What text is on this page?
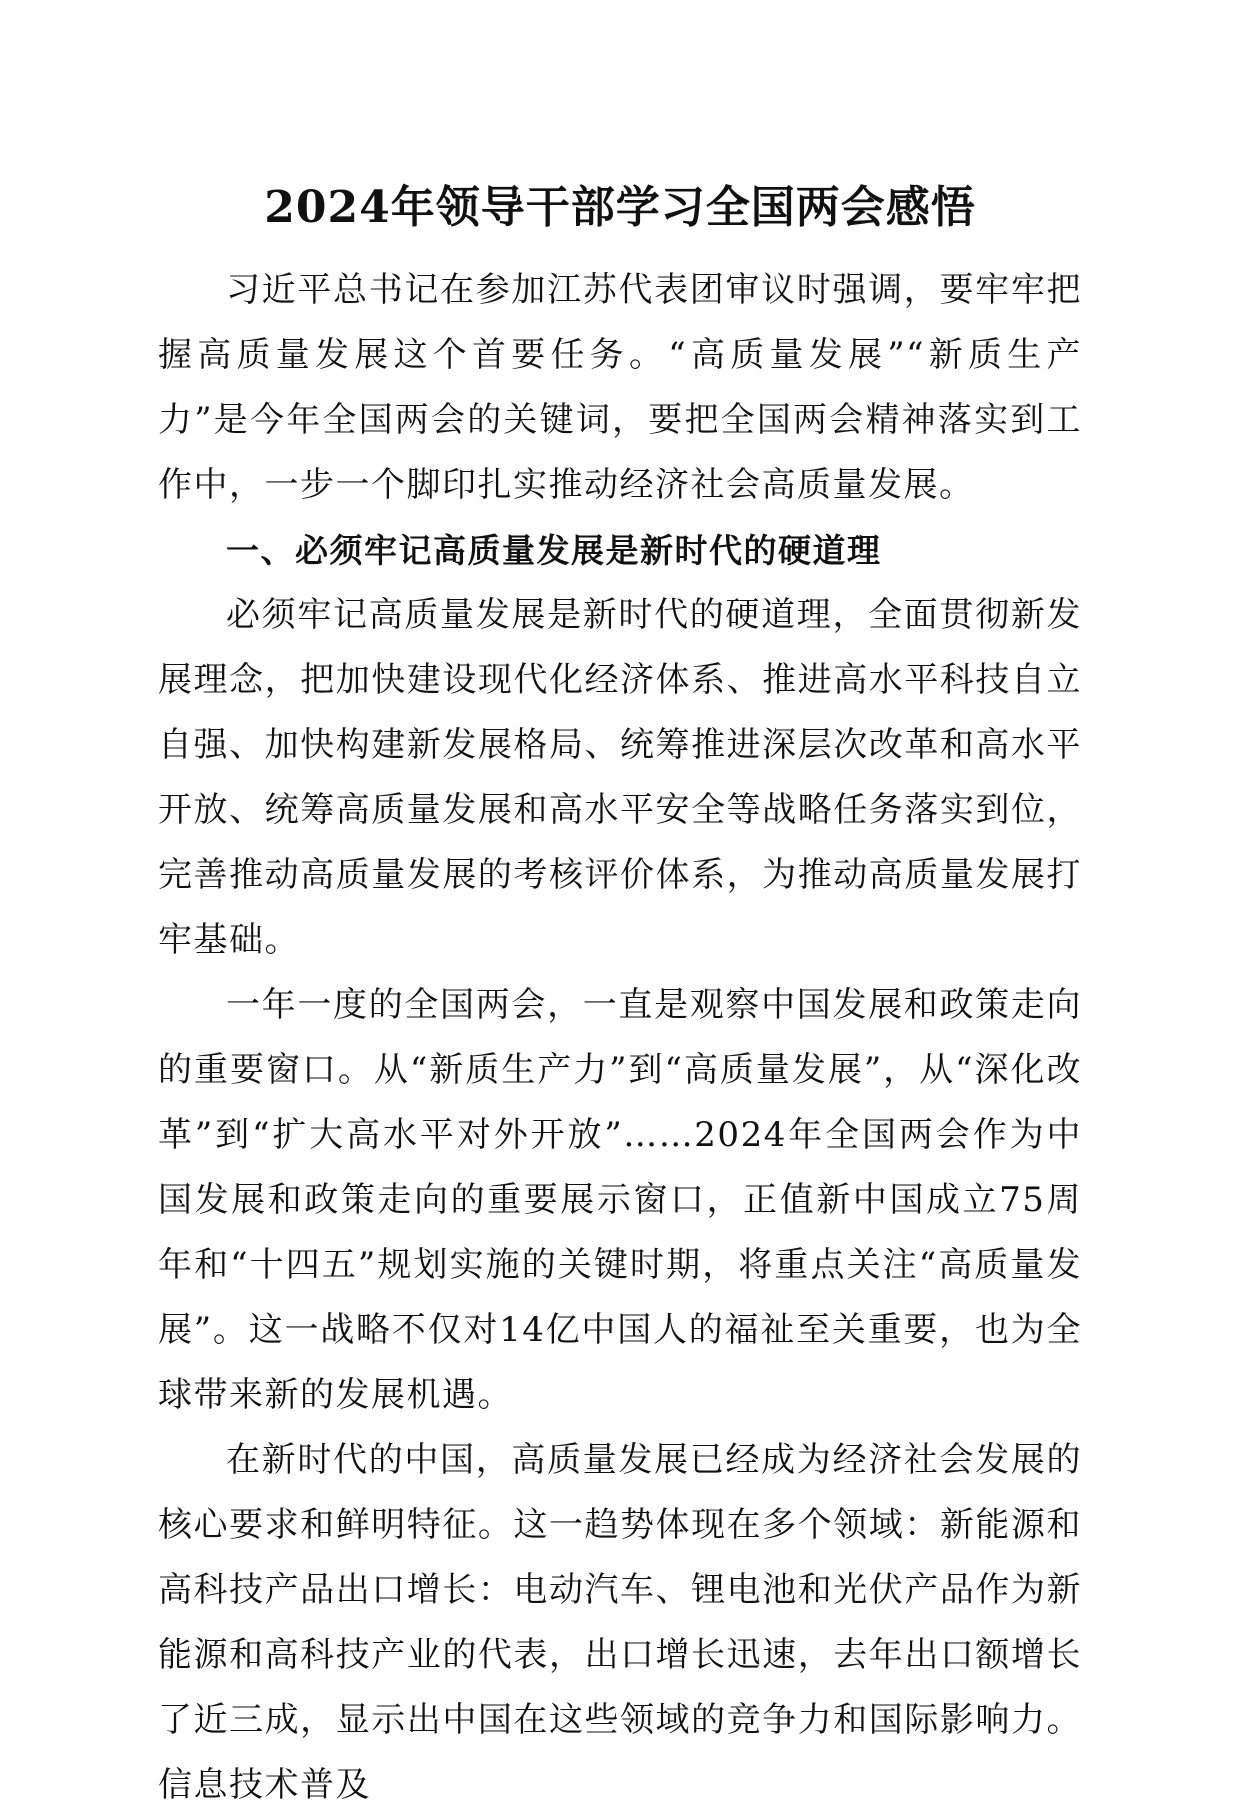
2024年领导干部学习全国两会感悟

习近平总书记在参加江苏代表团审议时强调，要牢牢把握高质量发展这个首要任务。“高质量发展”“新质生产力”是今年全国两会的关键词，要把全国两会精神落实到工作中，一步一个脚印扎实推动经济社会高质量发展。

一、必须牢记高质量发展是新时代的硬道理

必须牢记高质量发展是新时代的硬道理，全面贯彻新发展理念，把加快建设现代化经济体系、推进高水平科技自立自强、加快构建新发展格局、统筹推进深层次改革和高水平开放、统筹高质量发展和高水平安全等战略任务落实到位，完善推动高质量发展的考核评价体系，为推动高质量发展打牢基础。

一年一度的全国两会，一直是观察中国发展和政策走向的重要窗口。从“新质生产力”到“高质量发展”，从“深化改革”到“扩大高水平对外开放”……2024年全国两会作为中国发展和政策走向的重要展示窗口，正值新中国成立75周年和“十四五”规划实施的关键时期，将重点关注“高质量发展”。这一战略不仅对14亿中国人的福祉至关重要，也为全球带来新的发展机遇。

在新时代的中国，高质量发展已经成为经济社会发展的核心要求和鲜明特征。这一趋势体现在多个领域：新能源和高科技产品出口增长：电动汽车、锂电池和光伏产品作为新能源和高科技产业的代表，出口增长迅速，去年出口额增长了近三成，显示出中国在这些领域的竞争力和国际影响力。信息技术普及
